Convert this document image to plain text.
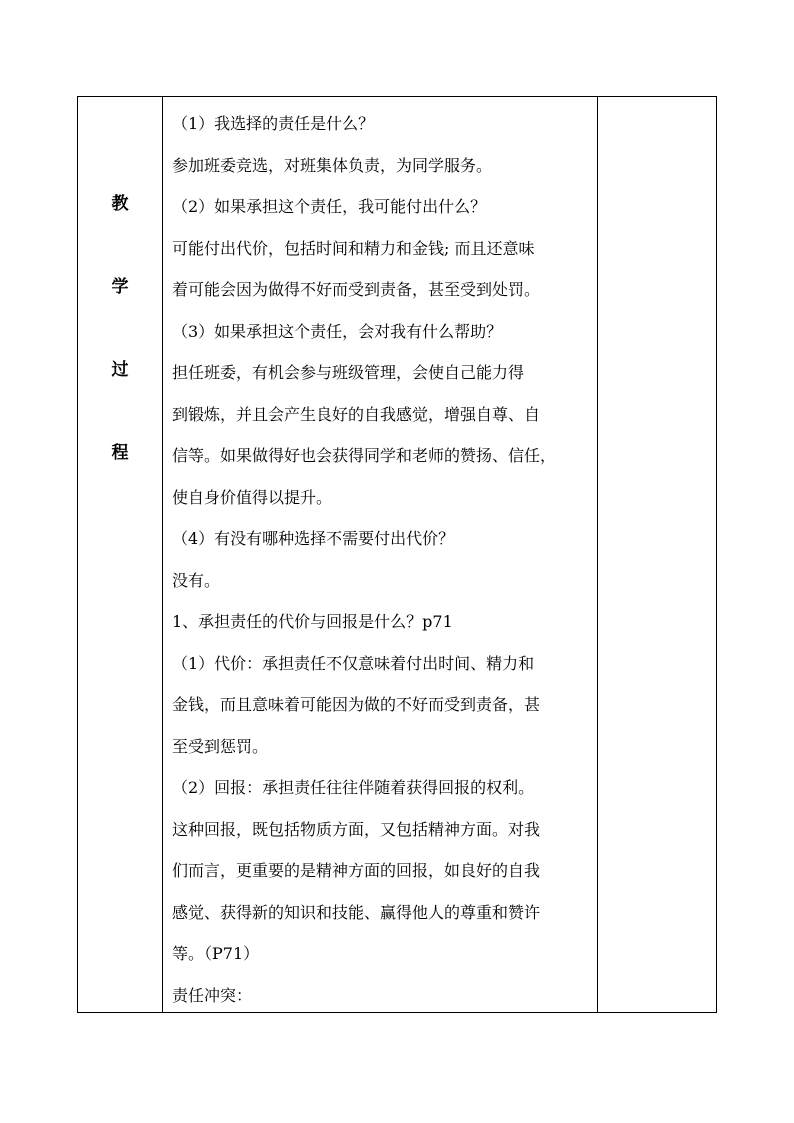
教
学
过
程

（1）我选择的责任是什么？

参加班委竞选，对班集体负责，为同学服务。

（2）如果承担这个责任，我可能付出什么？

可能付出代价，包括时间和精力和金钱; 而且还意味

着可能会因为做得不好而受到责备，甚至受到处罚。

（3）如果承担这个责任，会对我有什么帮助？

担任班委，有机会参与班级管理，会使自己能力得

到锻炼，并且会产生良好的自我感觉，增强自尊、自

信等。如果做得好也会获得同学和老师的赞扬、信任，

使自身价值得以提升。

（4）有没有哪种选择不需要付出代价？

没有。

1、承担责任的代价与回报是什么？p71

（1）代价：承担责任不仅意味着付出时间、精力和

金钱，而且意味着可能因为做的不好而受到责备，甚

至受到惩罚。

（2）回报：承担责任往往伴随着获得回报的权利。

这种回报，既包括物质方面，又包括精神方面。对我

们而言，更重要的是精神方面的回报，如良好的自我

感觉、获得新的知识和技能、赢得他人的尊重和赞许

等。（P71）

责任冲突：
